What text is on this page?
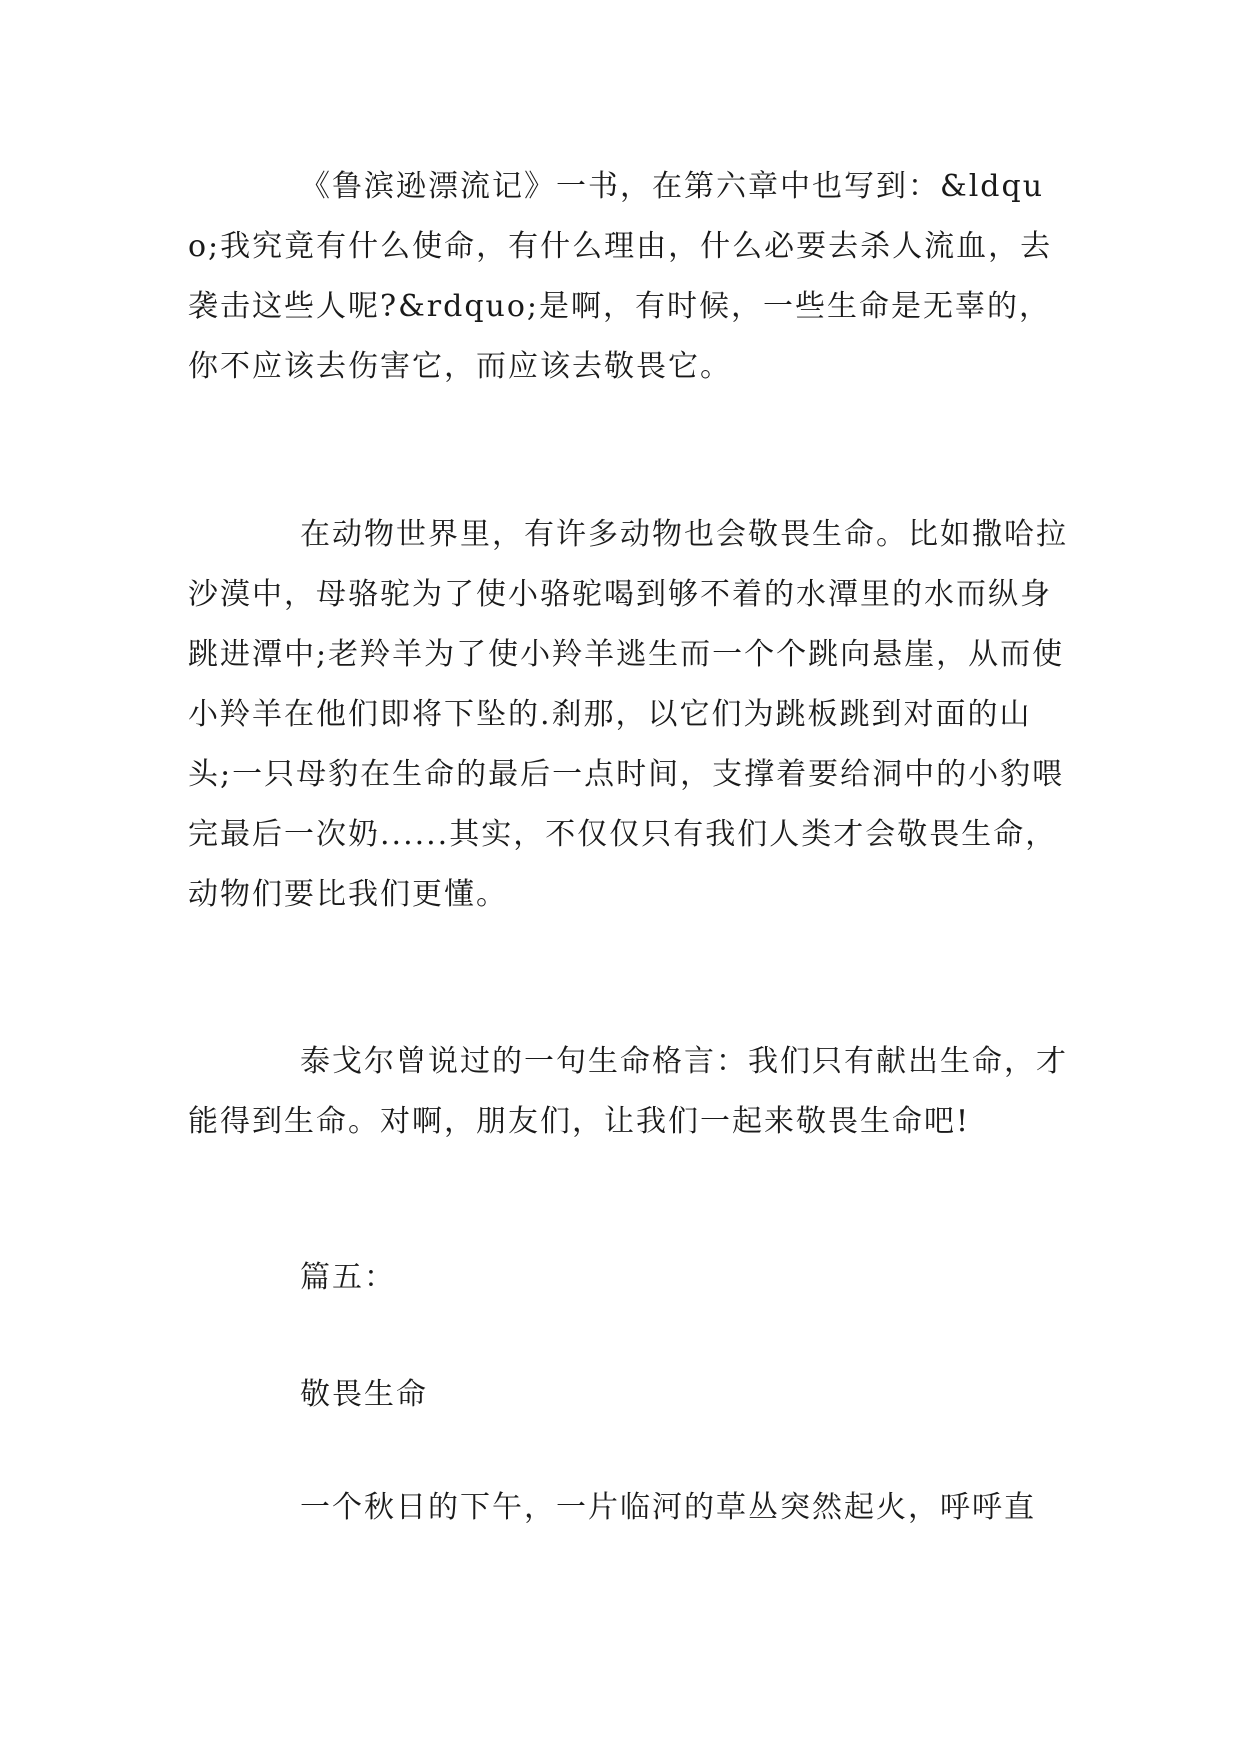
《鲁滨逊漂流记》一书，在第六章中也写到：&ldquo;我究竟有什么使命，有什么理由，什么必要去杀人流血，去袭击这些人呢?&rdquo;是啊，有时候，一些生命是无辜的，你不应该去伤害它，而应该去敬畏它。

在动物世界里，有许多动物也会敬畏生命。比如撒哈拉沙漠中，母骆驼为了使小骆驼喝到够不着的水潭里的水而纵身跳进潭中;老羚羊为了使小羚羊逃生而一个个跳向悬崖，从而使小羚羊在他们即将下坠的.刹那，以它们为跳板跳到对面的山头;一只母豹在生命的最后一点时间，支撑着要给洞中的小豹喂完最后一次奶......其实，不仅仅只有我们人类才会敬畏生命，动物们要比我们更懂。

泰戈尔曾说过的一句生命格言：我们只有献出生命，才能得到生命。对啊，朋友们，让我们一起来敬畏生命吧!

篇五：

敬畏生命

一个秋日的下午，一片临河的草丛突然起火，呼呼直
